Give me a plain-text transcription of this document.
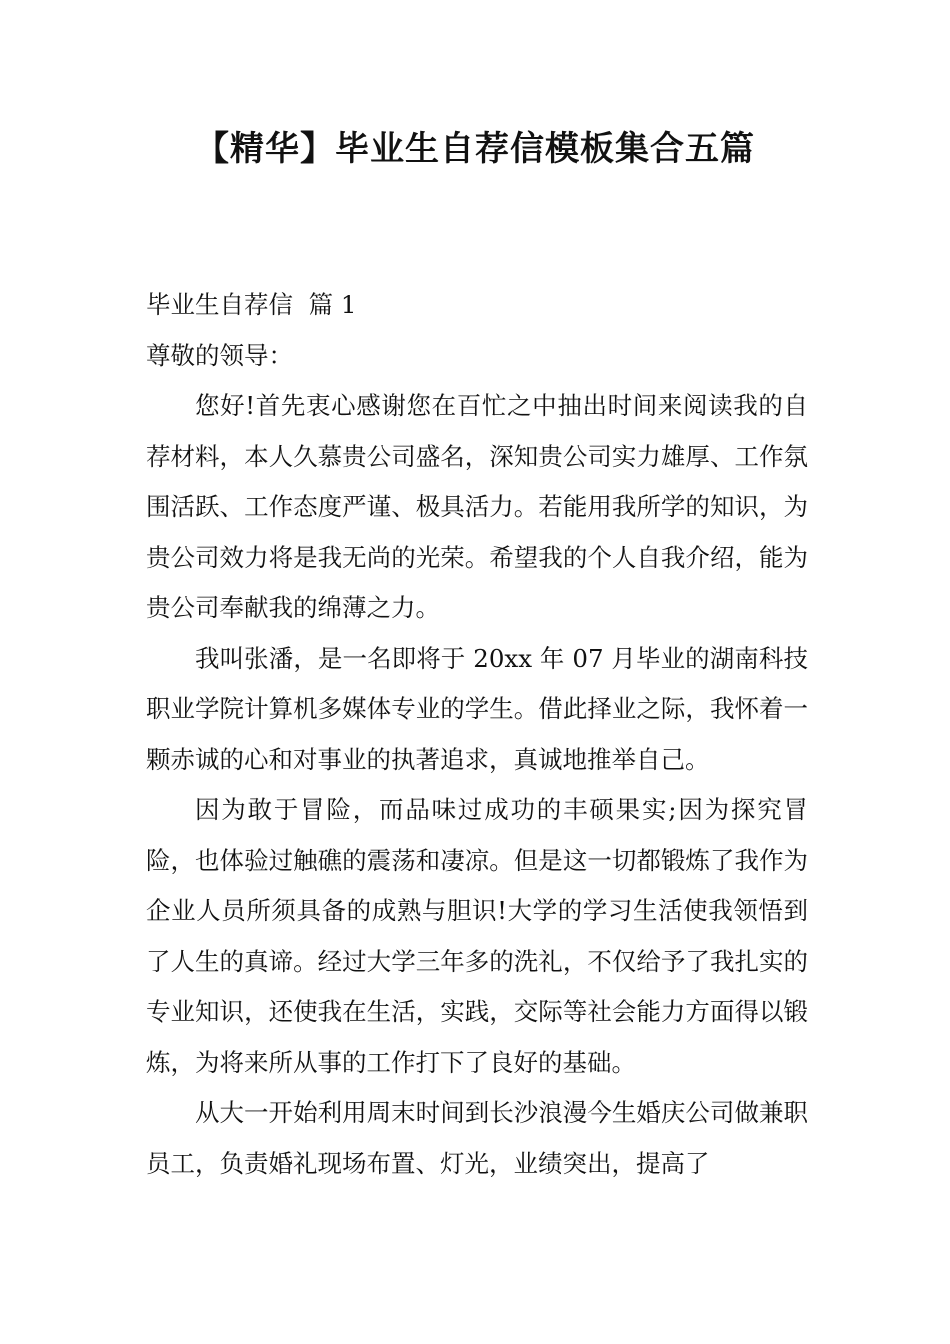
【精华】毕业生自荐信模板集合五篇

毕业生自荐信  篇 1

尊敬的领导：

您好!首先衷心感谢您在百忙之中抽出时间来阅读我的自荐材料，本人久慕贵公司盛名，深知贵公司实力雄厚、工作氛围活跃、工作态度严谨、极具活力。若能用我所学的知识，为贵公司效力将是我无尚的光荣。希望我的个人自我介绍，能为贵公司奉献我的绵薄之力。

我叫张潘，是一名即将于 20xx 年 07 月毕业的湖南科技职业学院计算机多媒体专业的学生。借此择业之际，我怀着一颗赤诚的心和对事业的执著追求，真诚地推举自己。

因为敢于冒险，而品味过成功的丰硕果实;因为探究冒险，也体验过触礁的震荡和凄凉。但是这一切都锻炼了我作为企业人员所须具备的成熟与胆识!大学的学习生活使我领悟到了人生的真谛。经过大学三年多的洗礼，不仅给予了我扎实的专业知识，还使我在生活，实践，交际等社会能力方面得以锻炼，为将来所从事的工作打下了良好的基础。

从大一开始利用周末时间到长沙浪漫今生婚庆公司做兼职员工，负责婚礼现场布置、灯光，业绩突出，提高了
